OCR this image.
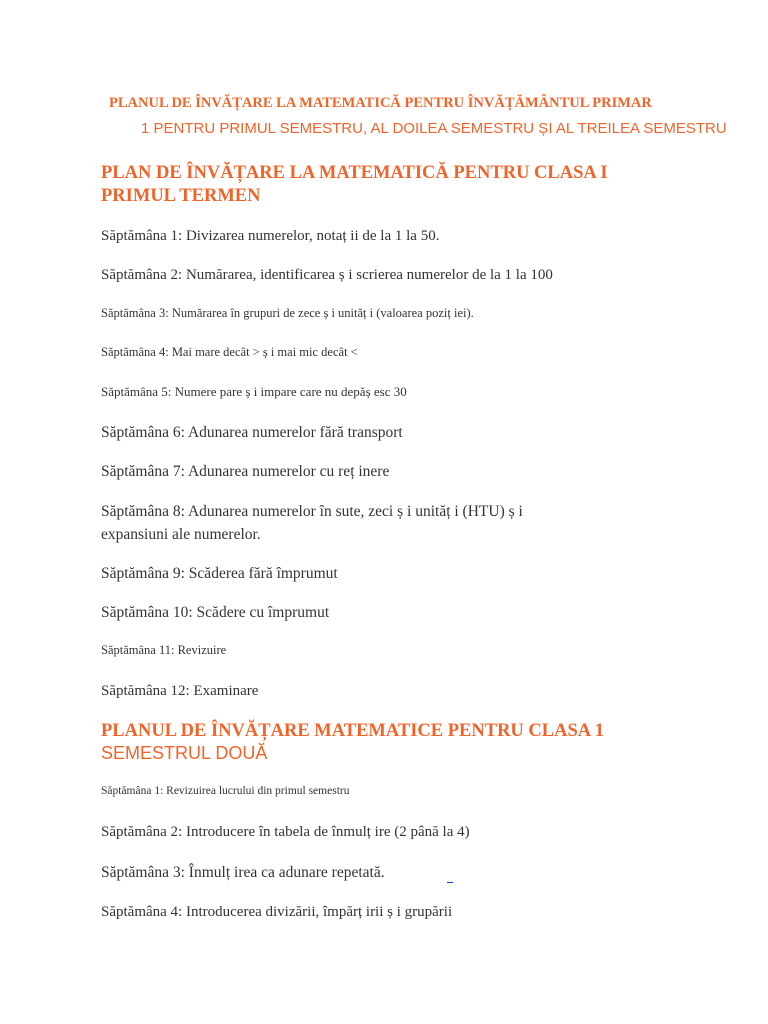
PLANUL DE ÎNVĂȚARE LA MATEMATICĂ PENTRU ÎNVĂȚĂMÂNTUL PRIMAR
1 PENTRU PRIMUL SEMESTRU, AL DOILEA SEMESTRU ȘI AL TREILEA SEMESTRU
PLAN DE ÎNVĂȚARE LA MATEMATICĂ PENTRU CLASA I
PRIMUL TERMEN
Săptămâna 1: Divizarea numerelor, notaț ii de la 1 la 50.
Săptămâna 2: Numărarea, identificarea ș i scrierea numerelor de la 1 la 100
Săptămâna 3: Numărarea în grupuri de zece ș i unităț i (valoarea poziț iei).
Săptămâna 4: Mai mare decât > ș i mai mic decât <
Săptămâna 5: Numere pare ș i impare care nu depăș esc 30
Săptămâna 6: Adunarea numerelor fără transport
Săptămâna 7: Adunarea numerelor cu reț inere
Săptămâna 8: Adunarea numerelor în sute, zeci ș i unităț i (HTU) ș i
expansiuni ale numerelor.
Săptămâna 9: Scăderea fără împrumut
Săptămâna 10: Scădere cu împrumut
Săptămâna 11: Revizuire
Săptămâna 12: Examinare
PLANUL DE ÎNVĂȚARE MATEMATICE PENTRU CLASA 1
SEMESTRUL DOUĂ
Săptămâna 1: Revizuirea lucrului din primul semestru
Săptămâna 2: Introducere în tabela de înmulț ire (2 până la 4)
Săptămâna 3: Înmulț irea ca adunare repetată.
Săptămâna 4: Introducerea divizării, împărț irii ș i grupării
